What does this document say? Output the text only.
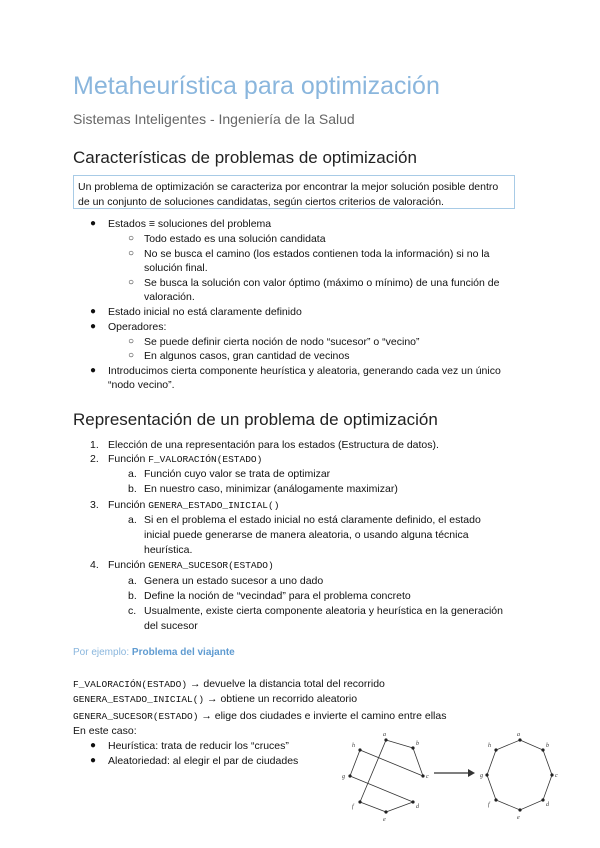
Metaheurística para optimización
Sistemas Inteligentes - Ingeniería de la Salud
Características de problemas de optimización
Un problema de optimización se caracteriza por encontrar la mejor solución posible dentro de un conjunto de soluciones candidatas, según ciertos criterios de valoración.
● Estados ≡ soluciones del problema
○ Todo estado es una solución candidata
○ No se busca el camino (los estados contienen toda la información) si no la
solución final.
○ Se busca la solución con valor óptimo (máximo o mínimo) de una función de
valoración.
● Estado inicial no está claramente definido
● Operadores:
○ Se puede definir cierta noción de nodo “sucesor” o “vecino”
○ En algunos casos, gran cantidad de vecinos
● Introducimos cierta componente heurística y aleatoria, generando cada vez un único
“nodo vecino”.
Representación de un problema de optimización
1. Elección de una representación para los estados (Estructura de datos).
2. Función F_VALORACIÓN(ESTADO)
a. Función cuyo valor se trata de optimizar
b. En nuestro caso, minimizar (análogamente maximizar)
3. Función GENERA_ESTADO_INICIAL()
a. Si en el problema el estado inicial no está claramente definido, el estado
inicial puede generarse de manera aleatoria, o usando alguna técnica
heurística.
4. Función GENERA_SUCESOR(ESTADO)
a. Genera un estado sucesor a uno dado
b. Define la noción de “vecindad” para el problema concreto
c. Usualmente, existe cierta componente aleatoria y heurística en la generación
del sucesor
Por ejemplo: Problema del viajante
F_VALORACIÓN(ESTADO) → devuelve la distancia total del recorrido
GENERA_ESTADO_INICIAL() → obtiene un recorrido aleatorio
GENERA_SUCESOR(ESTADO) → elige dos ciudades e invierte el camino entre ellas
En este caso:
● Heurística: trata de reducir los “cruces”
● Aleatoriedad: al elegir el par de ciudades
a
b
c
d
e
f
g
h
a
b
c
d
e
f
g
h
